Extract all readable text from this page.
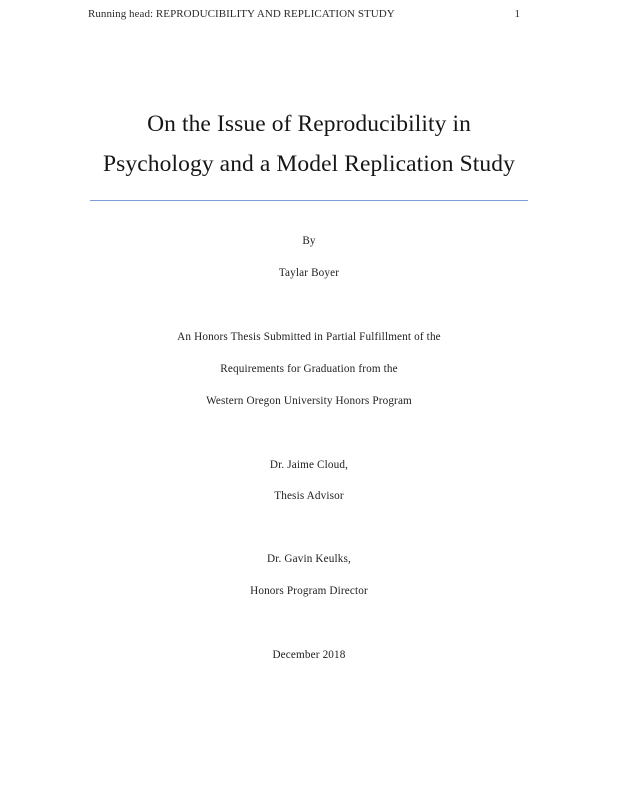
Running head: REPRODUCIBILITY AND REPLICATION STUDY	1
On the Issue of Reproducibility in
Psychology and a Model Replication Study
By
Taylar Boyer
An Honors Thesis Submitted in Partial Fulfillment of the
Requirements for Graduation from the
Western Oregon University Honors Program
Dr. Jaime Cloud,
Thesis Advisor
Dr. Gavin Keulks,
Honors Program Director
December 2018
